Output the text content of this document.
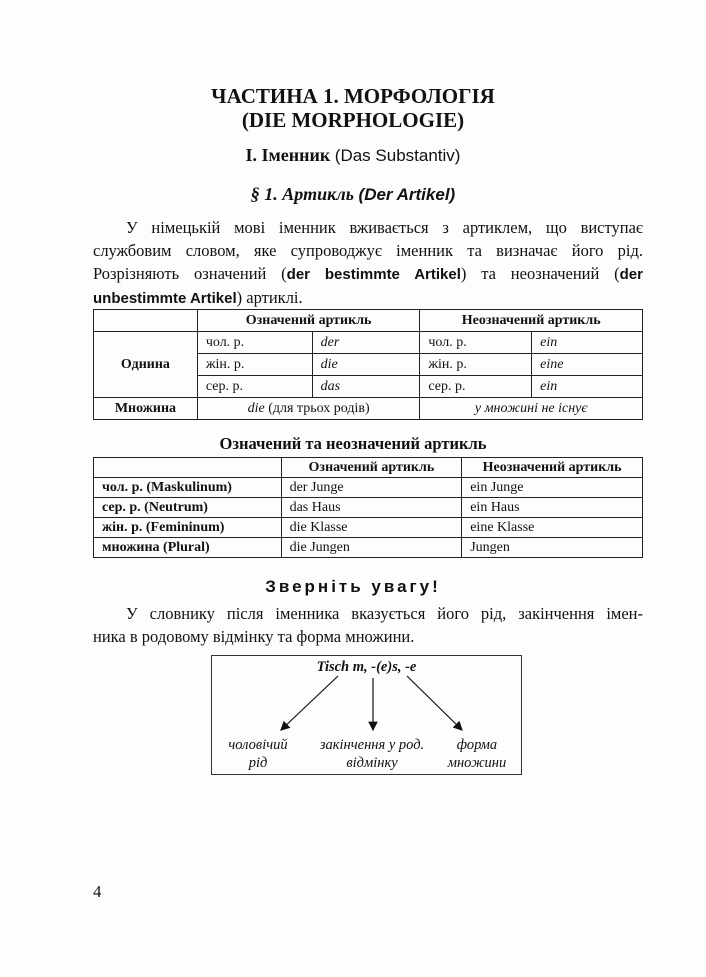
ЧАСТИНА 1. МОРФОЛОГІЯ
(DIE MORPHOLOGIE)
І. Іменник (Das Substantiv)
§ 1. Артикль (Der Artikel)
У німецькій мові іменник вживається з артиклем, що виступає
службовим словом, яке супроводжує іменник та визначає його рід.
Розрізняють означений (der bestimmte Artikel) та неозначений (der
unbestimmte Artikel) артиклі.
	Означений артикль		Неозначений артикль	
Однина	чол. р.	der	чол. р.	ein
	жін. р.	die	жін. р.	eine
	сер. р.	das	сер. р.	ein
Множина	die (для трьох родів)		у множині не існує	
Означений та неозначений артикль
	Означений артикль	Неозначений артикль
чол. р. (Maskulinum)	der Junge	ein Junge
сер. р. (Neutrum)	das Haus	ein Haus
жін. р. (Femininum)	die Klasse	eine Klasse
множина (Plural)	die Jungen	Jungen
Зверніть увагу!
У словнику після іменника вказується його рід, закінчення імен-
ника в родовому відмінку та форма множини.
Tisch m, -(e)s, -e
чоловічий
рід
закінчення у род.
відмінку
форма
множини
4
